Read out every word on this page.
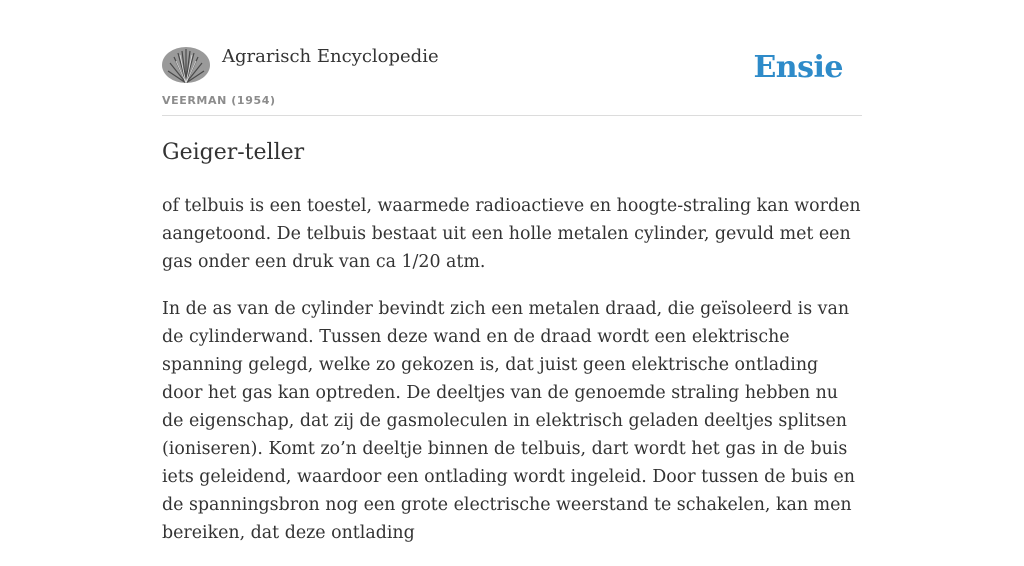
Agrarisch Encyclopedie
VEERMAN (1954)
Ensie
Geiger-teller

of telbuis is een toestel, waarmede radioactieve en hoogte-straling kan worden aangetoond. De telbuis bestaat uit een holle metalen cylinder, gevuld met een gas onder een druk van ca 1/20 atm.

In de as van de cylinder bevindt zich een metalen draad, die geïsoleerd is van de cylinderwand. Tussen deze wand en de draad wordt een elektrische spanning gelegd, welke zo gekozen is, dat juist geen elektrische ontlading door het gas kan optreden. De deeltjes van de genoemde straling hebben nu de eigenschap, dat zij de gasmoleculen in elektrisch geladen deeltjes splitsen (ioniseren). Komt zo’n deeltje binnen de telbuis, dart wordt het gas in de buis iets geleidend, waardoor een ontlading wordt ingeleid. Door tussen de buis en de spanningsbron nog een grote electrische weerstand te schakelen, kan men bereiken, dat deze ontlading
